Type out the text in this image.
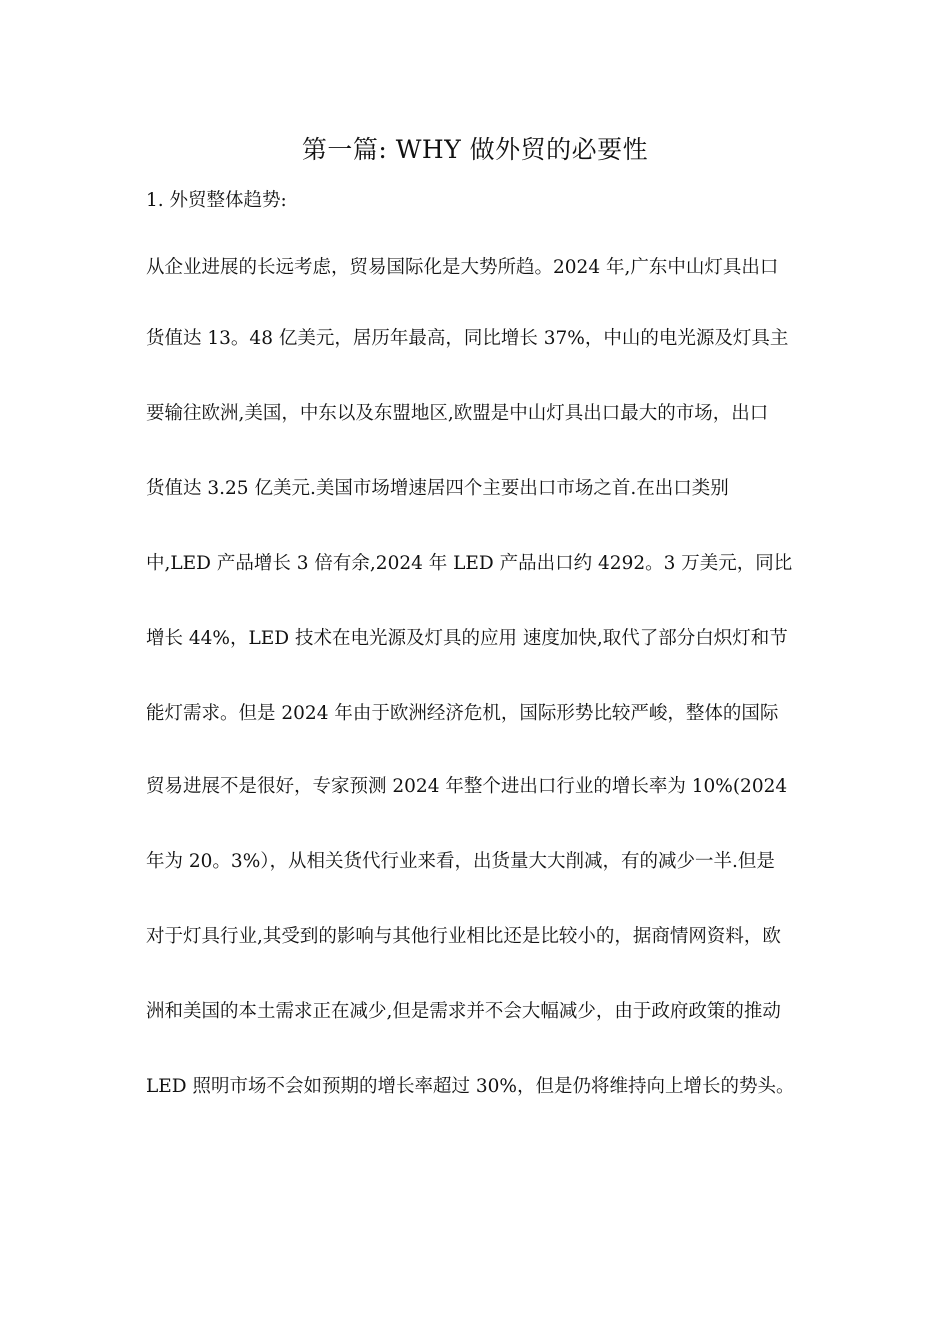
第一篇: WHY 做外贸的必要性
1. 外贸整体趋势:

从企业进展的长远考虑，贸易国际化是大势所趋。2024 年,广东中山灯具出口

货值达 13。48 亿美元，居历年最高，同比增长 37%，中山的电光源及灯具主

要输往欧洲,美国，中东以及东盟地区,欧盟是中山灯具出口最大的市场，出口

货值达 3.25 亿美元.美国市场增速居四个主要出口市场之首.在出口类别

中,LED 产品增长 3 倍有余,2024 年 LED 产品出口约 4292。3 万美元，同比

增长 44%，LED 技术在电光源及灯具的应用 速度加快,取代了部分白炽灯和节

能灯需求。但是 2024 年由于欧洲经济危机，国际形势比较严峻，整体的国际

贸易进展不是很好，专家预测 2024 年整个进出口行业的增长率为 10%(2024

年为 20。3%），从相关货代行业来看，出货量大大削减，有的减少一半.但是

对于灯具行业,其受到的影响与其他行业相比还是比较小的，据商情网资料，欧

洲和美国的本土需求正在减少,但是需求并不会大幅减少，由于政府政策的推动

LED 照明市场不会如预期的增长率超过 30%，但是仍将维持向上增长的势头。
